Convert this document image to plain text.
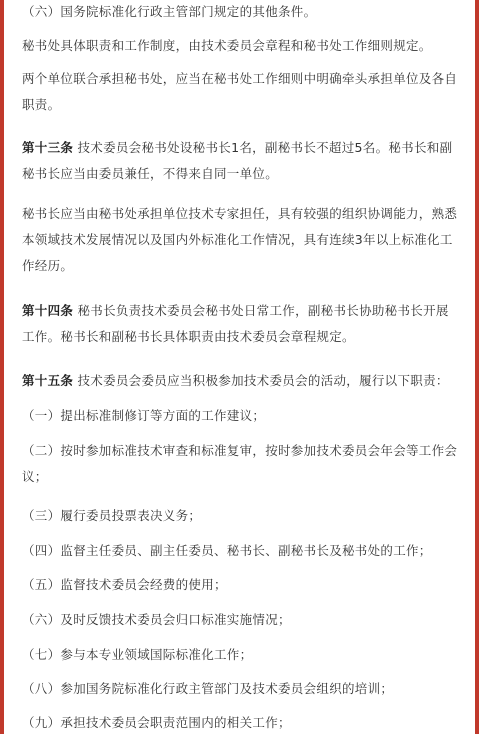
（六）国务院标准化行政主管部门规定的其他条件。

秘书处具体职责和工作制度，由技术委员会章程和秘书处工作细则规定。

两个单位联合承担秘书处，应当在秘书处工作细则中明确牵头承担单位及各自职责。

第十三条 技术委员会秘书处设秘书长1名，副秘书长不超过5名。秘书长和副秘书长应当由委员兼任，不得来自同一单位。

秘书长应当由秘书处承担单位技术专家担任，具有较强的组织协调能力，熟悉本领域技术发展情况以及国内外标准化工作情况，具有连续3年以上标准化工作经历。

第十四条 秘书长负责技术委员会秘书处日常工作，副秘书长协助秘书长开展工作。秘书长和副秘书长具体职责由技术委员会章程规定。

第十五条 技术委员会委员应当积极参加技术委员会的活动，履行以下职责：

（一）提出标准制修订等方面的工作建议；

（二）按时参加标准技术审查和标准复审，按时参加技术委员会年会等工作会议；

（三）履行委员投票表决义务；

（四）监督主任委员、副主任委员、秘书长、副秘书长及秘书处的工作；

（五）监督技术委员会经费的使用；

（六）及时反馈技术委员会归口标准实施情况；

（七）参与本专业领域国际标准化工作；

（八）参加国务院标准化行政主管部门及技术委员会组织的培训；

（九）承担技术委员会职责范围内的相关工作；
